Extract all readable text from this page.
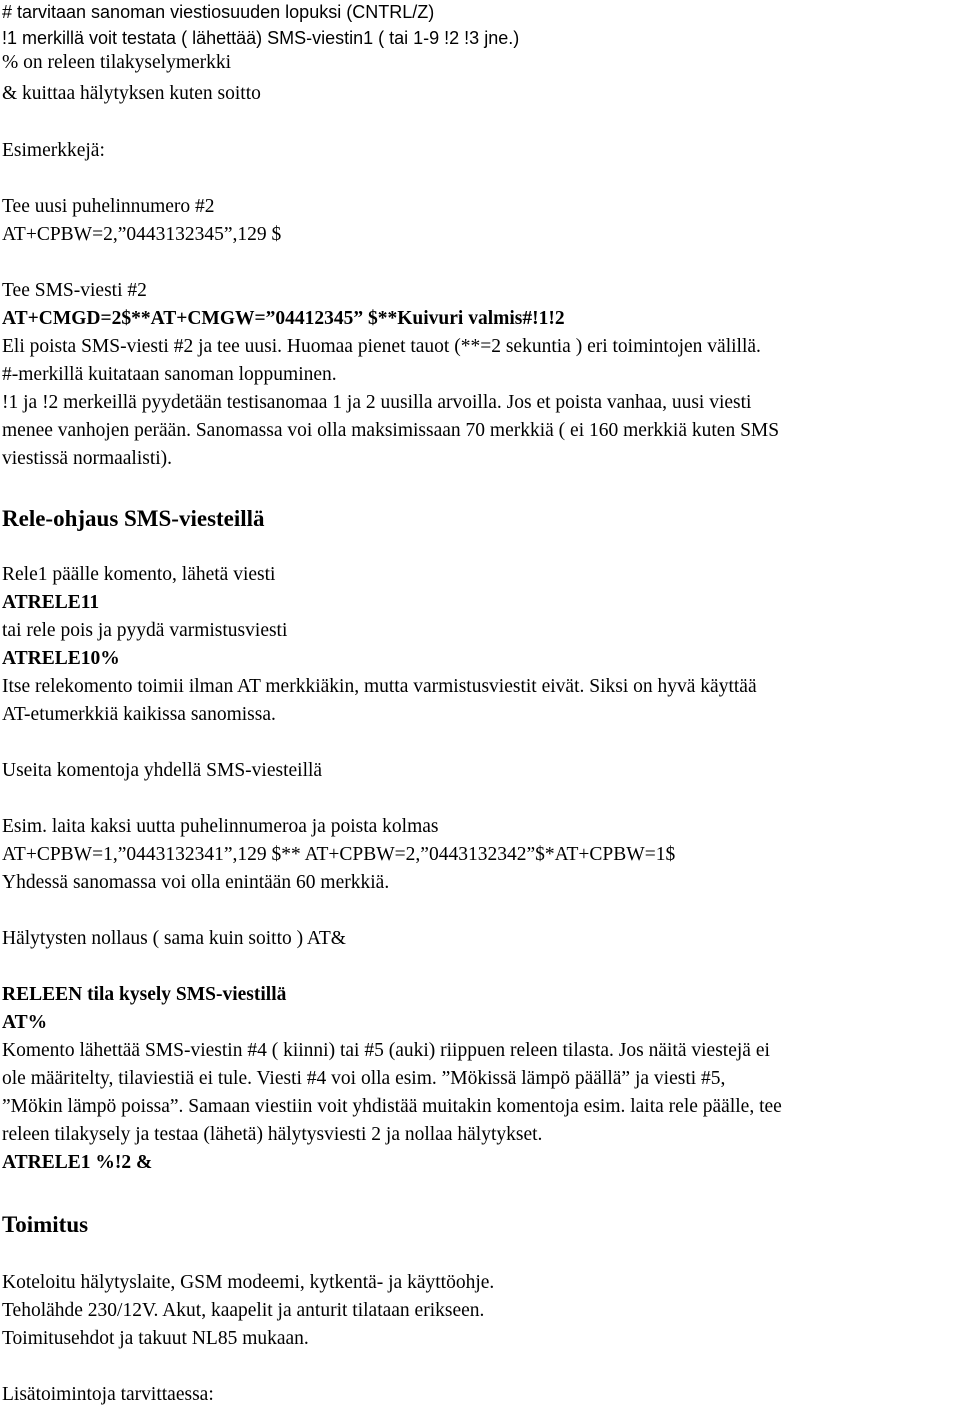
# tarvitaan sanoman viestiosuuden lopuksi (CNTRL/Z)
!1 merkillä voit testata ( lähettää) SMS-viestin1 ( tai 1-9 !2 !3 jne.)
% on releen tilakyselymerkki
& kuittaa hälytyksen kuten soitto
Esimerkkejä:
Tee uusi puhelinnumero #2
AT+CPBW=2,”0443132345”,129 $
Tee SMS-viesti #2
AT+CMGD=2$**AT+CMGW=”04412345” $**Kuivuri valmis#!1!2
Eli poista SMS-viesti #2 ja tee uusi. Huomaa pienet tauot (**=2 sekuntia ) eri toimintojen välillä.
#-merkillä kuitataan sanoman loppuminen.
!1 ja !2 merkeillä pyydetään testisanomaa 1 ja 2 uusilla arvoilla. Jos et poista vanhaa, uusi viesti
menee vanhojen perään. Sanomassa voi olla maksimissaan 70 merkkiä ( ei 160 merkkiä kuten SMS
viestissä normaalisti).
Rele-ohjaus SMS-viesteillä
Rele1 päälle komento, lähetä viesti
ATRELE11
tai rele pois ja pyydä varmistusviesti
ATRELE10%
Itse relekomento toimii ilman AT merkkiäkin, mutta varmistusviestit eivät. Siksi on hyvä käyttää
AT-etumerkkiä kaikissa sanomissa.
Useita komentoja yhdellä SMS-viesteillä
Esim. laita kaksi uutta puhelinnumeroa ja poista kolmas
AT+CPBW=1,”0443132341”,129 $** AT+CPBW=2,”0443132342”$*AT+CPBW=1$
Yhdessä sanomassa voi olla enintään 60 merkkiä.
Hälytysten nollaus ( sama kuin soitto ) AT&
RELEEN tila kysely SMS-viestillä
AT%
Komento lähettää SMS-viestin #4 ( kiinni) tai #5 (auki) riippuen releen tilasta. Jos näitä viestejä ei
ole määritelty, tilaviestiä ei tule. Viesti #4 voi olla esim. ”Mökissä lämpö päällä” ja viesti #5,
”Mökin lämpö poissa”. Samaan viestiin voit yhdistää muitakin komentoja esim. laita rele päälle, tee
releen tilakysely ja testaa (lähetä) hälytysviesti 2 ja nollaa hälytykset.
ATRELE1 %!2 &
Toimitus
Koteloitu hälytyslaite, GSM modeemi, kytkentä- ja käyttöohje.
Teholähde 230/12V. Akut, kaapelit ja anturit tilataan erikseen.
Toimitusehdot ja takuut NL85 mukaan.
Lisätoimintoja tarvittaessa:
